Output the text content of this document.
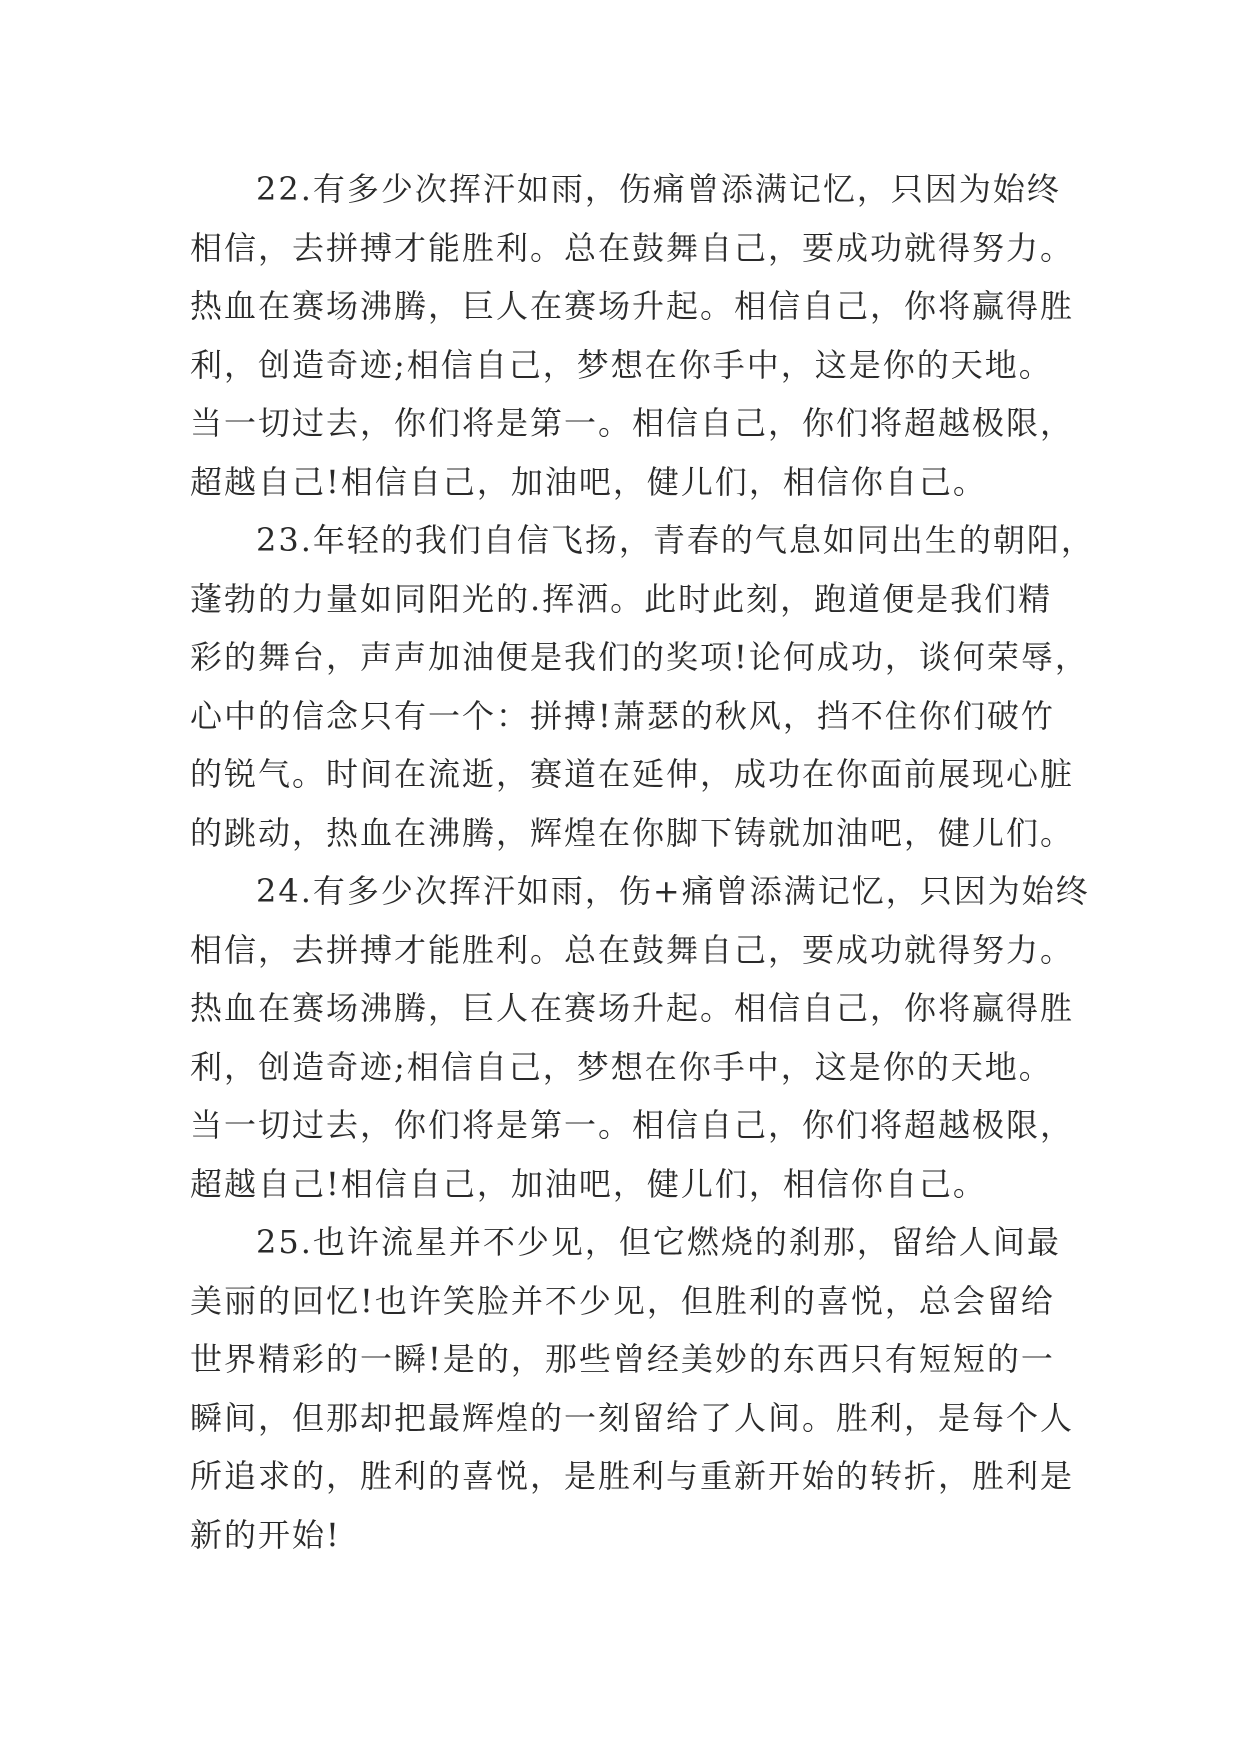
22.有多少次挥汗如雨，伤痛曾添满记忆，只因为始终
相信，去拼搏才能胜利。总在鼓舞自己，要成功就得努力。
热血在赛场沸腾，巨人在赛场升起。相信自己，你将赢得胜
利，创造奇迹;相信自己，梦想在你手中，这是你的天地。
当一切过去，你们将是第一。相信自己，你们将超越极限，
超越自己!相信自己，加油吧，健儿们，相信你自己。
23.年轻的我们自信飞扬，青春的气息如同出生的朝阳，
蓬勃的力量如同阳光的.挥洒。此时此刻，跑道便是我们精
彩的舞台，声声加油便是我们的奖项!论何成功，谈何荣辱，
心中的信念只有一个：拼搏!萧瑟的秋风，挡不住你们破竹
的锐气。时间在流逝，赛道在延伸，成功在你面前展现心脏
的跳动，热血在沸腾，辉煌在你脚下铸就加油吧，健儿们。
24.有多少次挥汗如雨，伤+痛曾添满记忆，只因为始终
相信，去拼搏才能胜利。总在鼓舞自己，要成功就得努力。
热血在赛场沸腾，巨人在赛场升起。相信自己，你将赢得胜
利，创造奇迹;相信自己，梦想在你手中，这是你的天地。
当一切过去，你们将是第一。相信自己，你们将超越极限，
超越自己!相信自己，加油吧，健儿们，相信你自己。
25.也许流星并不少见，但它燃烧的刹那，留给人间最
美丽的回忆!也许笑脸并不少见，但胜利的喜悦，总会留给
世界精彩的一瞬!是的，那些曾经美妙的东西只有短短的一
瞬间，但那却把最辉煌的一刻留给了人间。胜利，是每个人
所追求的，胜利的喜悦，是胜利与重新开始的转折，胜利是
新的开始!
